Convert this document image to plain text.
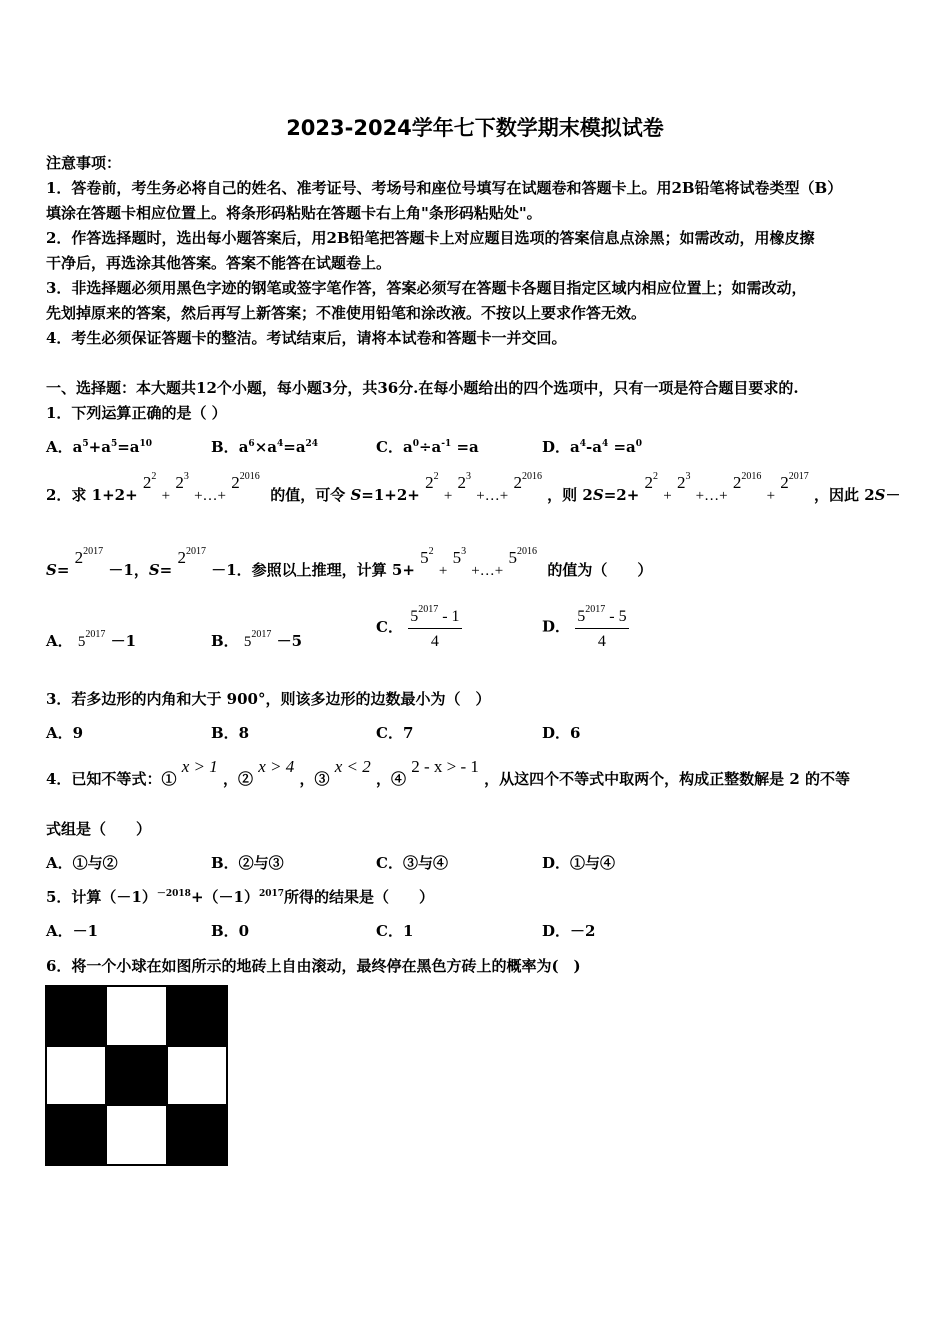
2023-2024学年七下数学期末模拟试卷
注意事项：
1．答卷前，考生务必将自己的姓名、准考证号、考场号和座位号填写在试题卷和答题卡上。用2B铅笔将试卷类型（B）
填涂在答题卡相应位置上。将条形码粘贴在答题卡右上角"条形码粘贴处"。
2．作答选择题时，选出每小题答案后，用2B铅笔把答题卡上对应题目选项的答案信息点涂黑；如需改动，用橡皮擦
干净后，再选涂其他答案。答案不能答在试题卷上。
3．非选择题必须用黑色字迹的钢笔或签字笔作答，答案必须写在答题卡各题目指定区域内相应位置上；如需改动，
先划掉原来的答案，然后再写上新答案；不准使用铅笔和涂改液。不按以上要求作答无效。
4．考生必须保证答题卡的整洁。考试结束后，请将本试卷和答题卡一并交回。
一、选择题：本大题共12个小题，每小题3分，共36分.在每小题给出的四个选项中，只有一项是符合题目要求的.
1．下列运算正确的是（ ）
A．$a^5+a^5=a^{10}$	B．$a^6\times a^4=a^{24}$	C．$a^0\div a^{-1} =a$	D．$a^4-a^4 =a^0$
2．求 $1+2+ 2^2 + 2^3$ +…+ $2^{2016}$  的值，可令 $S=1+2+ 2^2 + 2^3$ +…+ $2^{2016}$ ，则 $2S=2+ 2^2 + 2^3$ +…+ $2^{2016} + 2^{2017}$ ，因此 2S－
$S= 2^{2017} -1$，$S= 2^{2017} -1$．参照以上推理，计算 $5+ 5^2 + 5^3$ +…+ $5^{2016}$  的值为（　　）
A． $5^{2017} -1$	B． $5^{2017} -5$
C． $\frac{5^{2017} - 1}{4}$	D． $\frac{5^{2017} - 5}{4}$
3．若多边形的内角和大于 900°，则该多边形的边数最小为（　）
A．9	B．8	C．7	D．6
4．已知不等式：① x > 1 ，② x > 4 ，③ x < 2 ，④ 2 - x > - 1 ，从这四个不等式中取两个，构成正整数解是 2 的不等
式组是（　　）
A．①与②	B．②与③	C．③与④	D．①与④
5．计算$(-1)^{-2018}+(-1)^{2017}$所得的结果是（　　）
A．－1	B．0	C．1	D．－2
6．将一个小球在如图所示的地砖上自由滚动，最终停在黑色方砖上的概率为(　)
